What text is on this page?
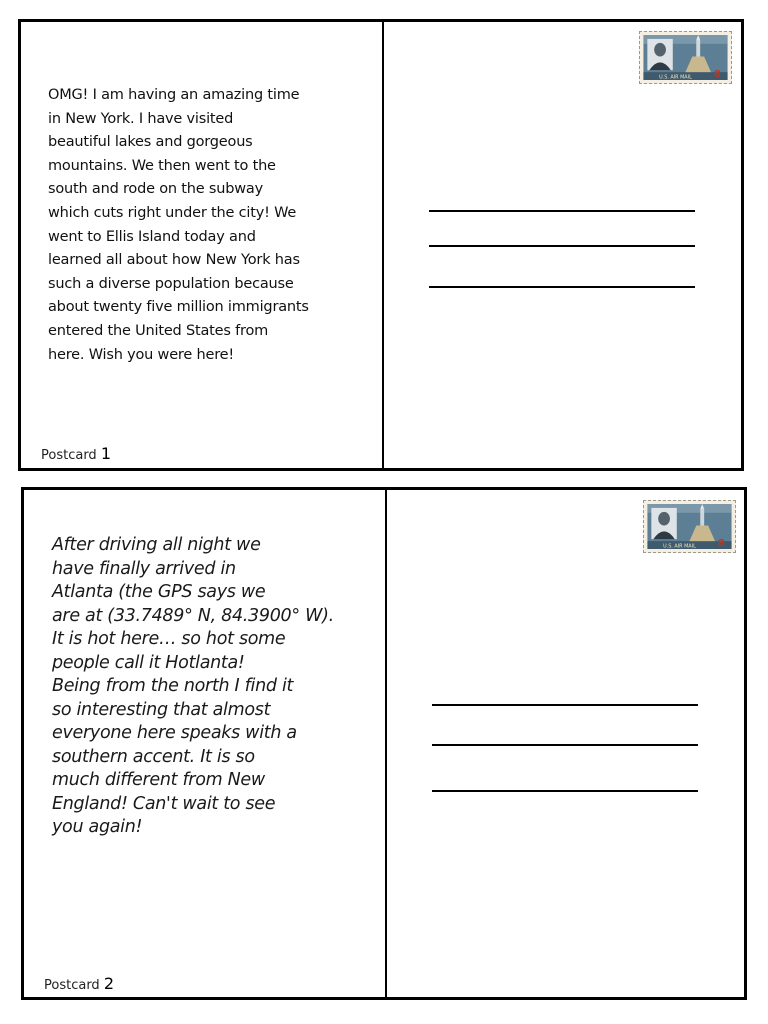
OMG! I am having an amazing time
in New York. I have visited
beautiful lakes and gorgeous
mountains. We then went to the
south and rode on the subway
which cuts right under the city! We
went to Ellis Island today and
learned all about how New York has
such a diverse population because
about twenty five million immigrants
entered the United States from
here. Wish you were here!

Postcard 1
U.S. AIR MAIL 8

After driving all night we
have finally arrived in
Atlanta (the GPS says we
are at (33.7489° N, 84.3900° W).
It is hot here… so hot some
people call it Hotlanta!
Being from the north I find it
so interesting that almost
everyone here speaks with a
southern accent. It is so
much different from New
England! Can't wait to see
you again!

Postcard 2
U.S. AIR MAIL 8
